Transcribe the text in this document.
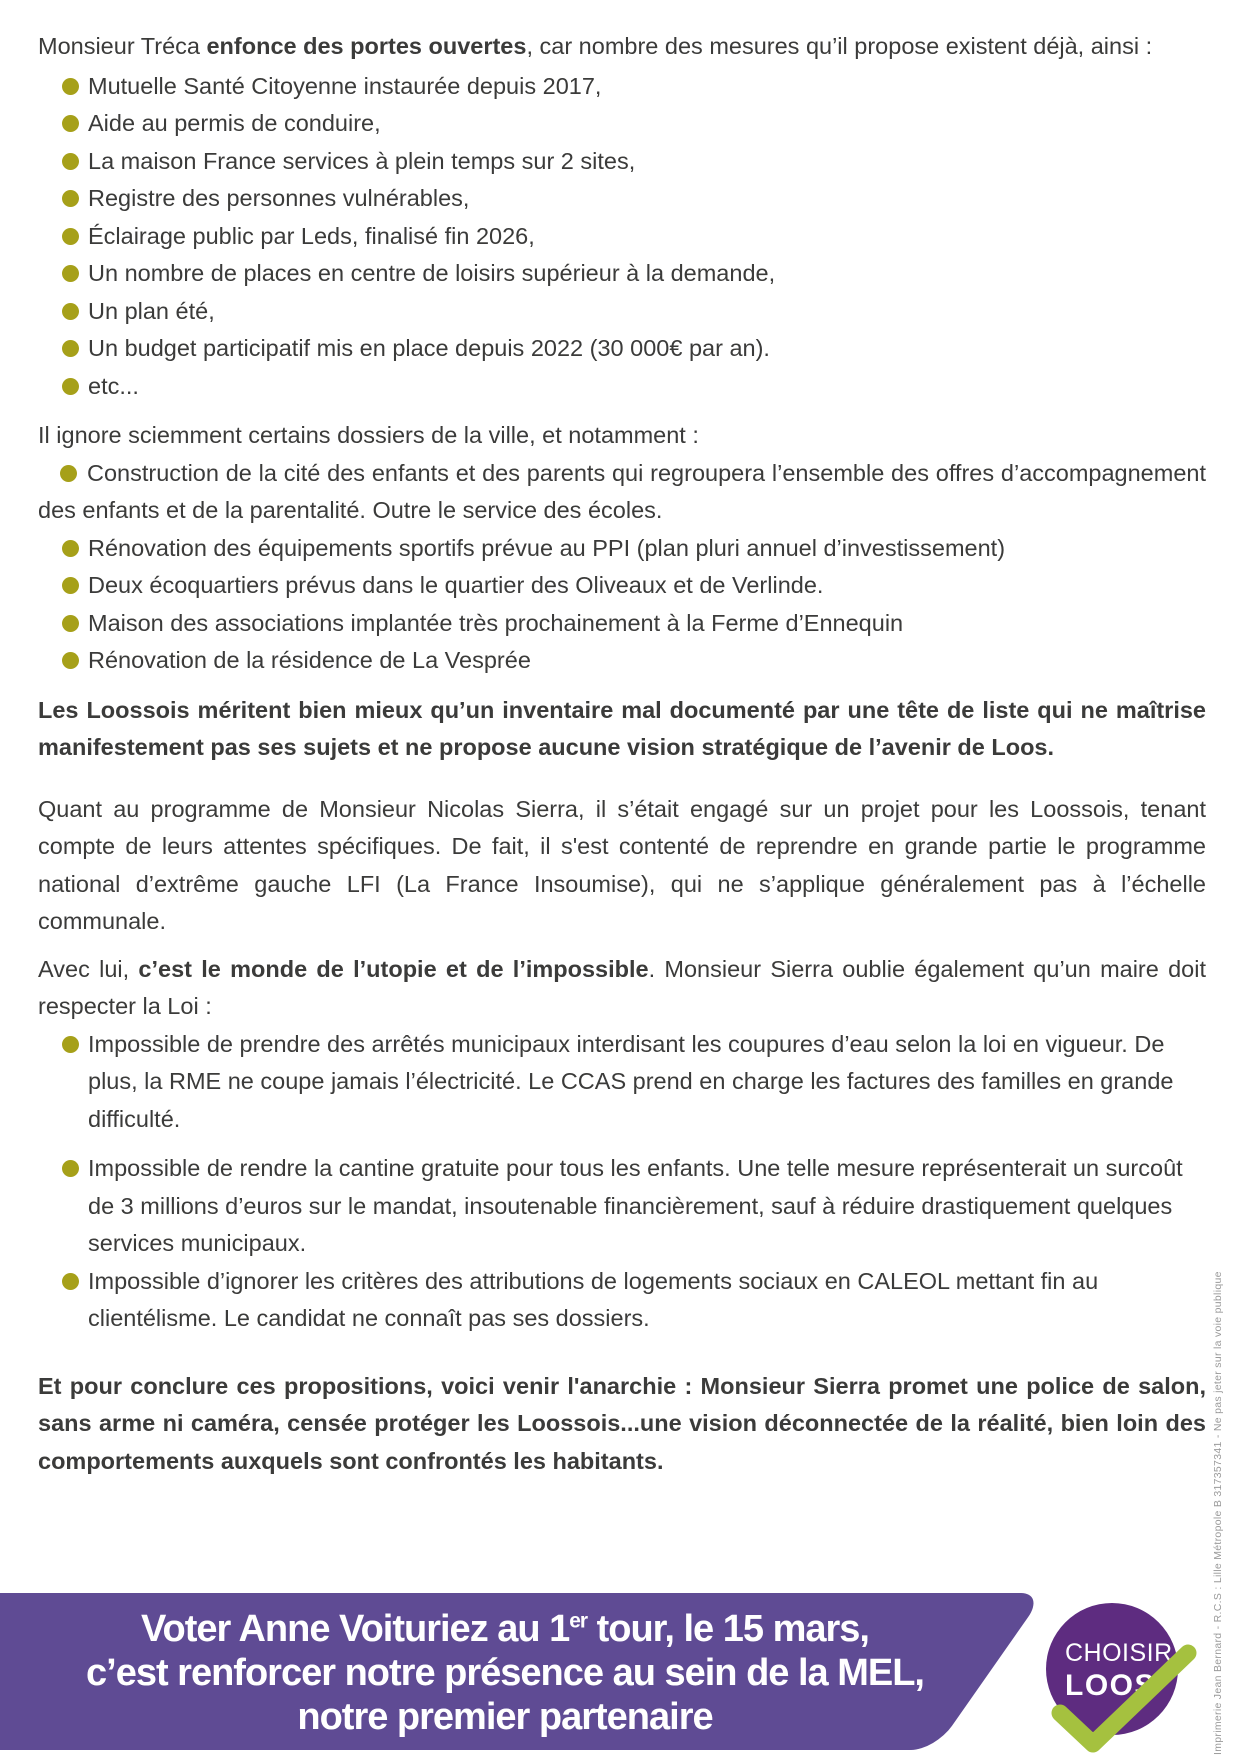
Monsieur Tréca enfonce des portes ouvertes, car nombre des mesures qu’il propose existent déjà, ainsi :

Mutuelle Santé Citoyenne instaurée depuis 2017,
Aide au permis de conduire,
La maison France services à plein temps sur 2 sites,
Registre des personnes vulnérables,
Éclairage public par Leds, finalisé fin 2026,
Un nombre de places en centre de loisirs supérieur à la demande,
Un plan été,
Un budget participatif mis en place depuis 2022 (30 000€ par an).
etc...

Il ignore sciemment certains dossiers de la ville, et notamment :

Construction de la cité des enfants et des parents qui regroupera l’ensemble des offres d’accompagnement des enfants et de la parentalité. Outre le service des écoles.
Rénovation des équipements sportifs prévue au PPI (plan pluri annuel d’investissement)
Deux écoquartiers prévus dans le quartier des Oliveaux et de Verlinde.
Maison des associations implantée très prochainement à la Ferme d’Ennequin
Rénovation de la résidence de La Vesprée

Les Loossois méritent bien mieux qu’un inventaire mal documenté par une tête de liste qui ne maîtrise manifestement pas ses sujets et ne propose aucune vision stratégique de l’avenir de Loos.

Quant au programme de Monsieur Nicolas Sierra, il s’était engagé sur un projet pour les Loossois, tenant compte de leurs attentes spécifiques. De fait, il s'est contenté de reprendre en grande partie le programme national d’extrême gauche LFI (La France Insoumise), qui ne s’applique généralement pas à l’échelle communale.

Avec lui, c’est le monde de l’utopie et de l’impossible. Monsieur Sierra oublie également qu’un maire doit respecter la Loi :

Impossible de prendre des arrêtés municipaux interdisant les coupures d’eau selon la loi en vigueur. De plus, la RME ne coupe jamais l’électricité. Le CCAS prend en charge les factures des familles en grande difficulté.
Impossible de rendre la cantine gratuite pour tous les enfants. Une telle mesure représenterait un surcoût de 3 millions d’euros sur le mandat, insoutenable financièrement, sauf à réduire drastiquement quelques services municipaux.
Impossible d’ignorer les critères des attributions de logements sociaux en CALEOL mettant fin au clientélisme. Le candidat ne connaît pas ses dossiers.

Et pour conclure ces propositions, voici venir l'anarchie : Monsieur Sierra promet une police de salon, sans arme ni caméra, censée protéger les Loossois...une vision déconnectée de la réalité, bien loin des comportements auxquels sont confrontés les habitants.

Voter Anne Voituriez au 1er tour, le 15 mars,
c’est renforcer notre présence au sein de la MEL,
notre premier partenaire
CHOISIR
LOOS	Imprimerie Jean Bernard - R.C.S : Lille Métropole B 317357341 - Ne pas jeter sur la voie publique
